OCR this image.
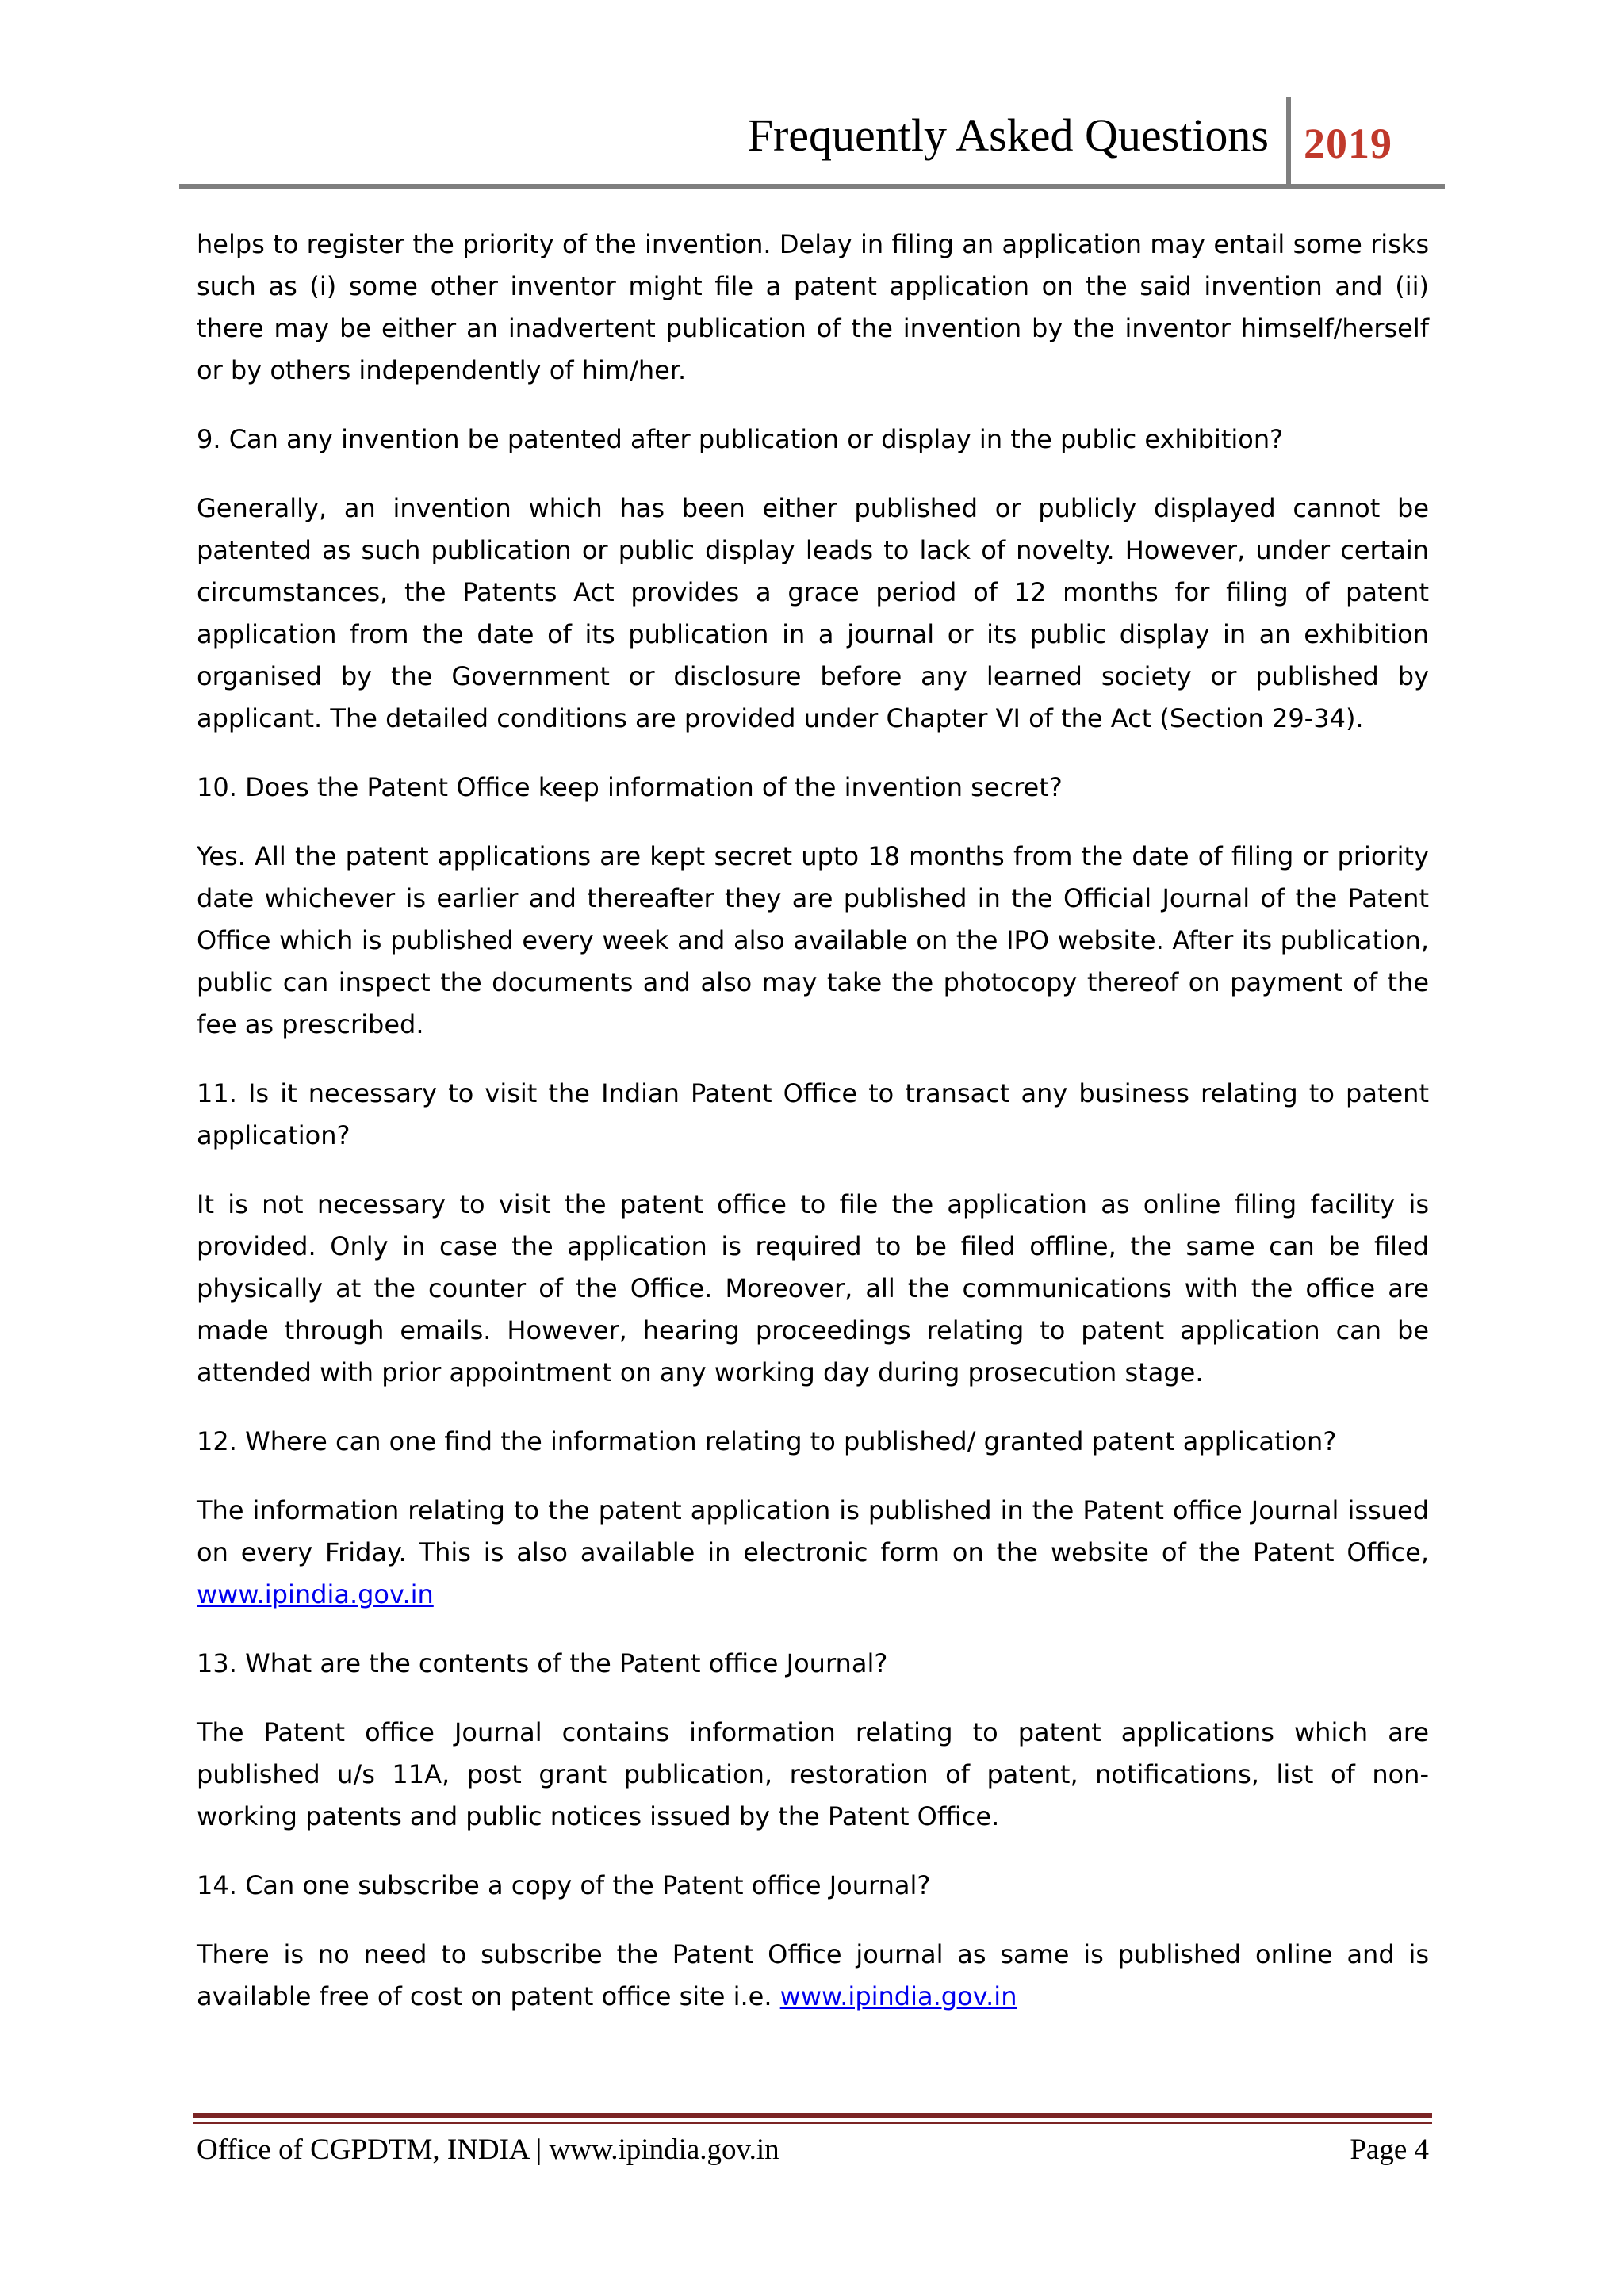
Frequently Asked Questions 2019

helps to register the priority of the invention. Delay in filing an application may entail some risks such as (i) some other inventor might file a patent application on the said invention and (ii) there may be either an inadvertent publication of the invention by the inventor himself/herself or by others independently of him/her.

9. Can any invention be patented after publication or display in the public exhibition?

Generally, an invention which has been either published or publicly displayed cannot be patented as such publication or public display leads to lack of novelty. However, under certain circumstances, the Patents Act provides a grace period of 12 months for filing of patent application from the date of its publication in a journal or its public display in an exhibition organised by the Government or disclosure before any learned society or published by applicant. The detailed conditions are provided under Chapter VI of the Act (Section 29-34).

10. Does the Patent Office keep information of the invention secret?

Yes. All the patent applications are kept secret upto 18 months from the date of filing or priority date whichever is earlier and thereafter they are published in the Official Journal of the Patent Office which is published every week and also available on the IPO website. After its publication, public can inspect the documents and also may take the photocopy thereof on payment of the fee as prescribed.

11. Is it necessary to visit the Indian Patent Office to transact any business relating to patent application?

It is not necessary to visit the patent office to file the application as online filing facility is provided. Only in case the application is required to be filed offline, the same can be filed physically at the counter of the Office. Moreover, all the communications with the office are made through emails. However, hearing proceedings relating to patent application can be attended with prior appointment on any working day during prosecution stage.

12. Where can one find the information relating to published/ granted patent application?

The information relating to the patent application is published in the Patent office Journal issued on every Friday. This is also available in electronic form on the website of the Patent Office, www.ipindia.gov.in

13. What are the contents of the Patent office Journal?

The Patent office Journal contains information relating to patent applications which are published u/s 11A, post grant publication, restoration of patent, notifications, list of non- working patents and public notices issued by the Patent Office.

14. Can one subscribe a copy of the Patent office Journal?

There is no need to subscribe the Patent Office journal as same is published online and is available free of cost on patent office site i.e. www.ipindia.gov.in

Office of CGPDTM, INDIA | www.ipindia.gov.in	Page 4
